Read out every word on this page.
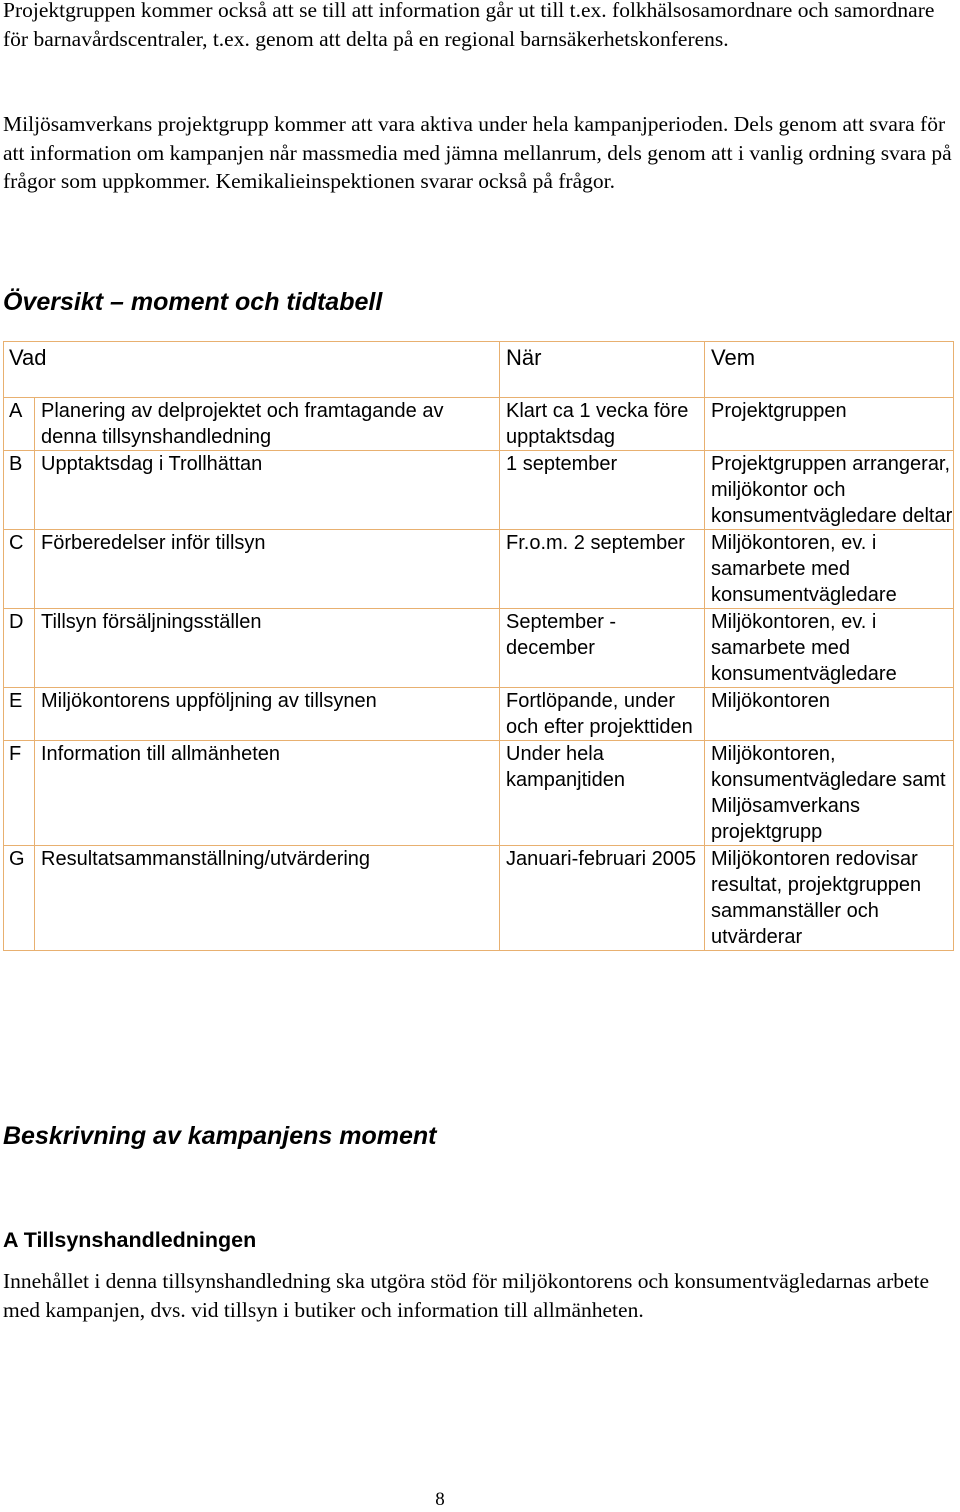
Projektgruppen kommer också att se till att information går ut till t.ex. folkhälsosamordnare och samordnare för barnavårdscentraler, t.ex. genom att delta på en regional barnsäkerhetskonferens.

Miljösamverkans projektgrupp kommer att vara aktiva under hela kampanjperioden. Dels genom att svara för att information om kampanjen når massmedia med jämna mellanrum, dels genom att i vanlig ordning svara på frågor som uppkommer. Kemikalieinspektionen svarar också på frågor.

Översikt – moment och tidtabell
Vad		När	Vem
A	Planering av delprojektet och framtagande av denna tillsynshandledning	Klart ca 1 vecka före upptaktsdag	Projektgruppen
B	Upptaktsdag i Trollhättan	1 september	Projektgruppen arrangerar, miljökontor och konsumentvägledare deltar
C	Förberedelser inför tillsyn	Fr.o.m. 2 september	Miljökontoren, ev. i samarbete med konsumentvägledare
D	Tillsyn försäljningsställen	September - december	Miljökontoren, ev. i samarbete med konsumentvägledare
E	Miljökontorens uppföljning av tillsynen	Fortlöpande, under och efter projekttiden	Miljökontoren
F	Information till allmänheten	Under hela kampanjtiden	Miljökontoren, konsumentvägledare samt Miljösamverkans projektgrupp
G	Resultatsammanställning/utvärdering	Januari-februari 2005	Miljökontoren redovisar resultat, projektgruppen sammanställer och utvärderar
Beskrivning av kampanjens moment
A Tillsynshandledningen

Innehållet i denna tillsynshandledning ska utgöra stöd för miljökontorens och konsumentvägledarnas arbete med kampanjen, dvs. vid tillsyn i butiker och information till allmänheten.

8
